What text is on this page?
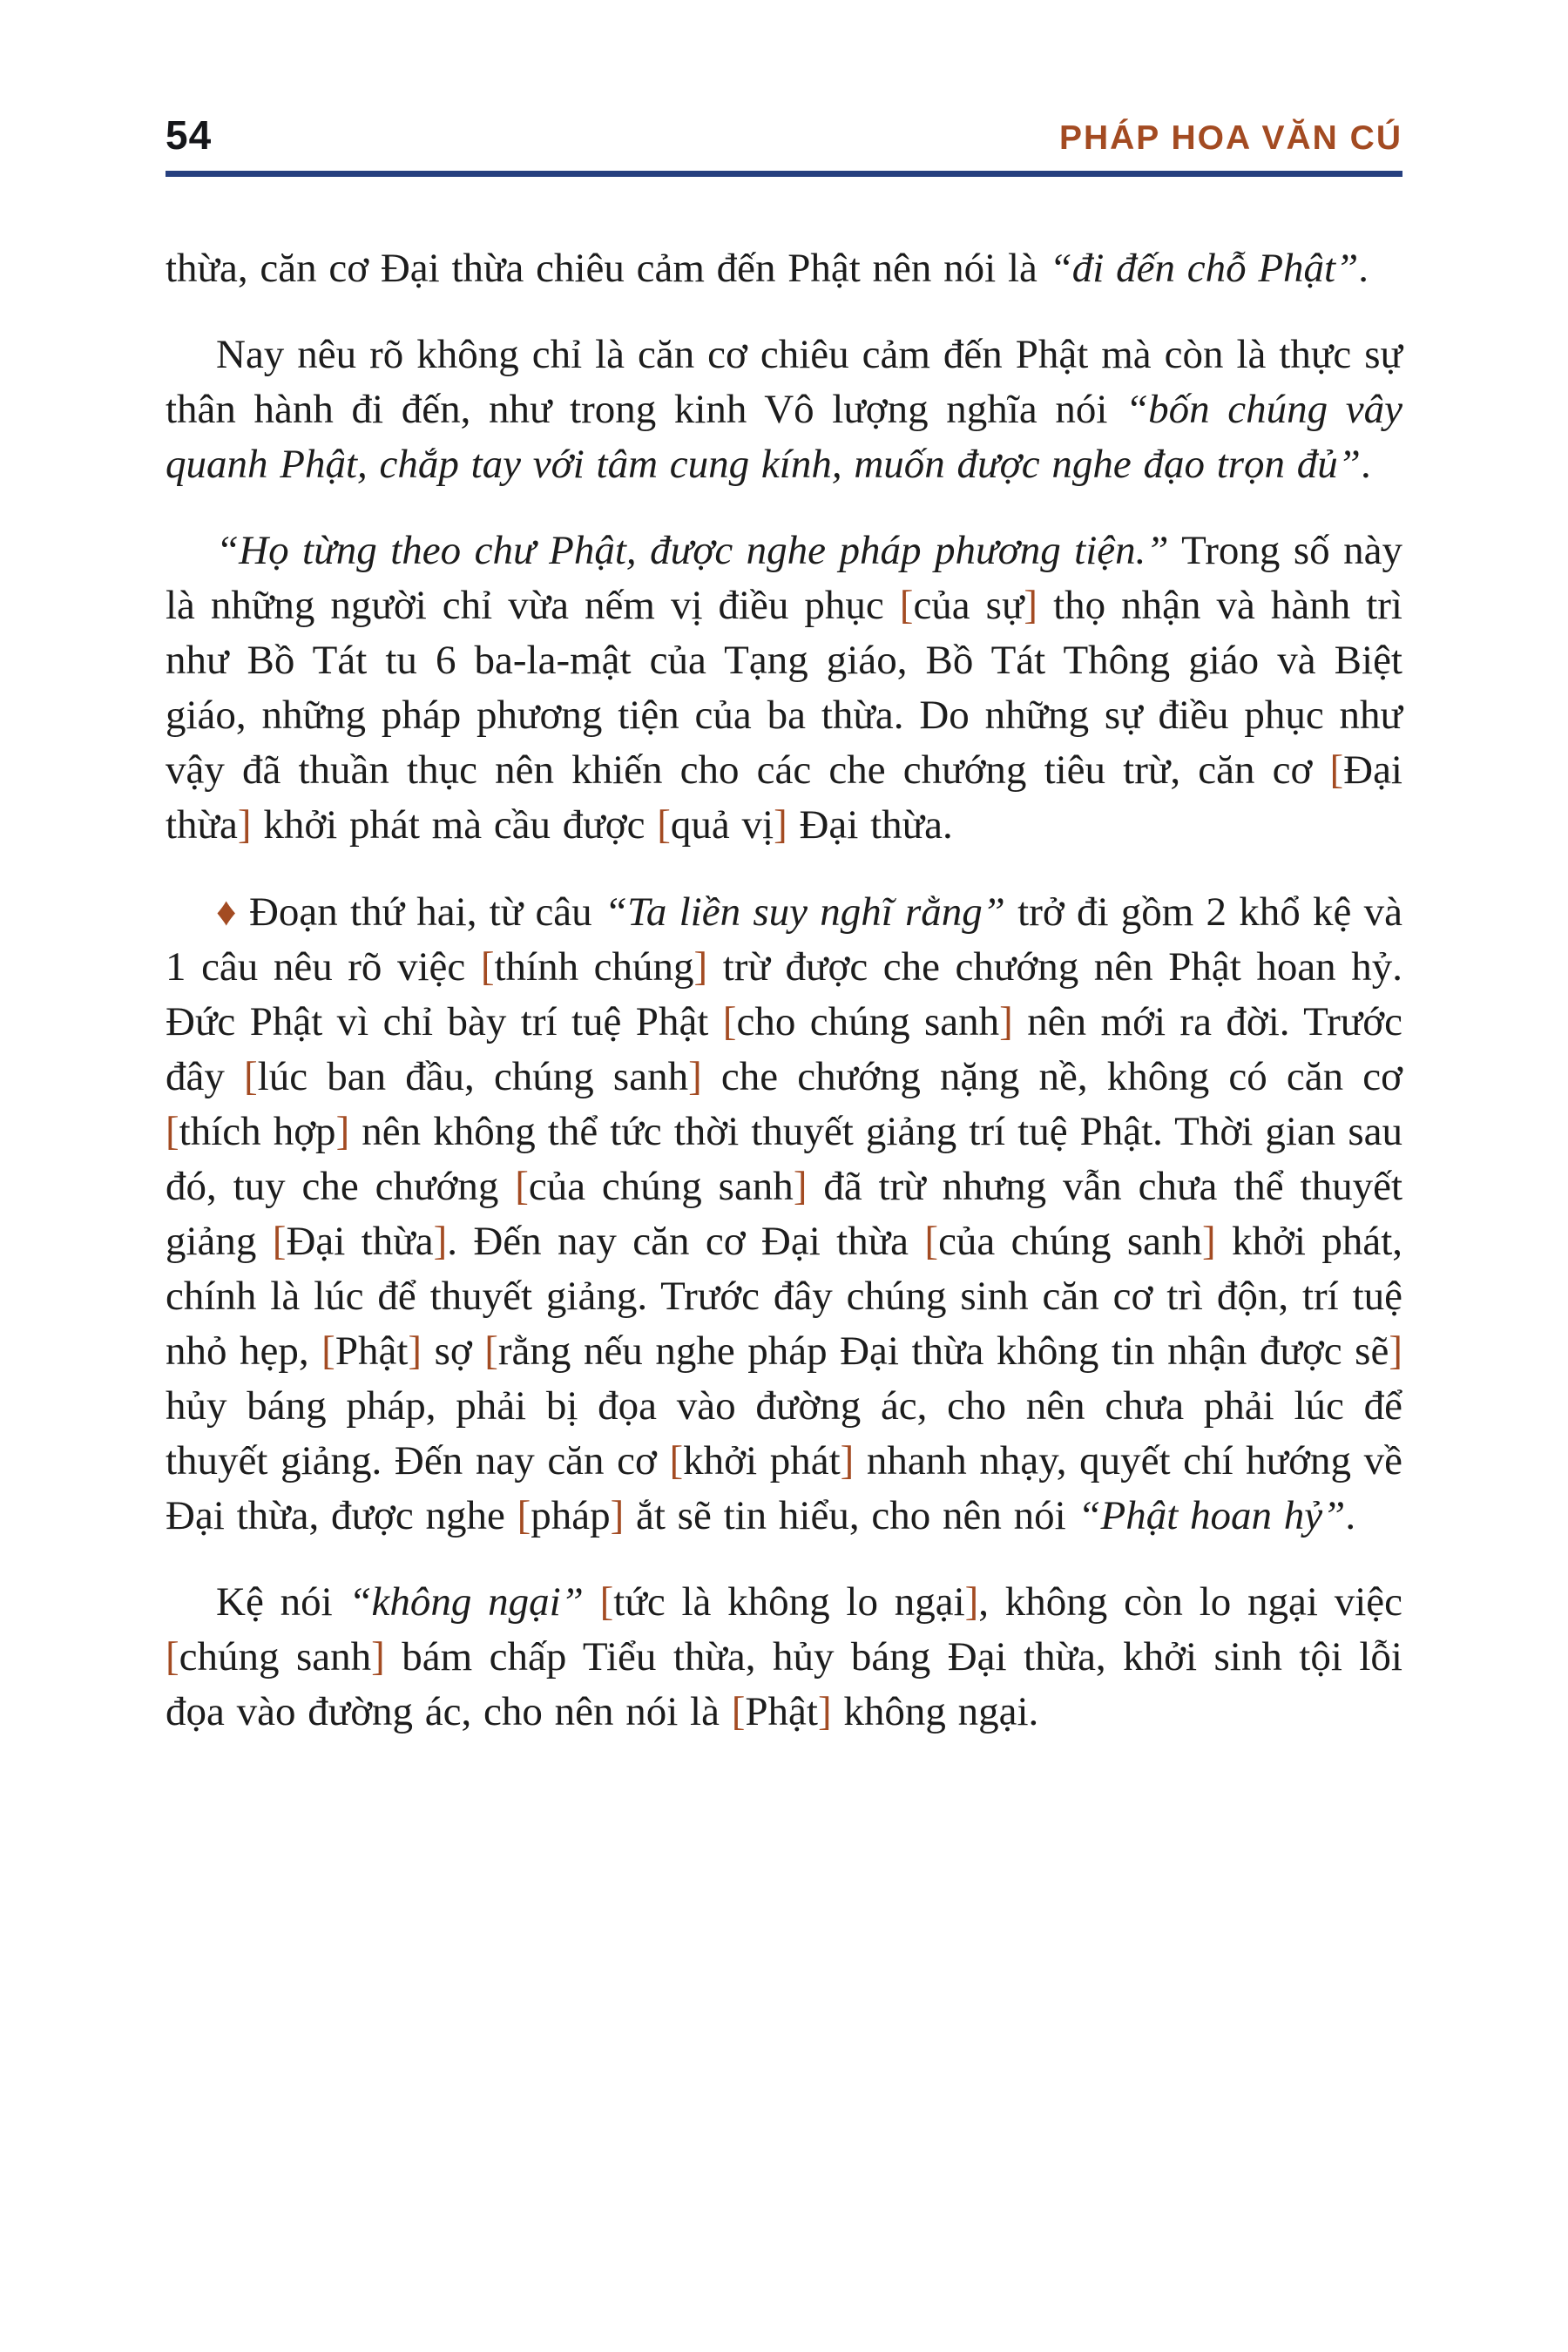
54	PHÁP HOA VĂN CÚ

thừa, căn cơ Đại thừa chiêu cảm đến Phật nên nói là “đi đến chỗ Phật”.

Nay nêu rõ không chỉ là căn cơ chiêu cảm đến Phật mà còn là thực sự thân hành đi đến, như trong kinh Vô lượng nghĩa nói “bốn chúng vây quanh Phật, chắp tay với tâm cung kính, muốn được nghe đạo trọn đủ”.

“Họ từng theo chư Phật, được nghe pháp phương tiện.” Trong số này là những người chỉ vừa nếm vị điều phục [của sự] thọ nhận và hành trì như Bồ Tát tu 6 ba-la-mật của Tạng giáo, Bồ Tát Thông giáo và Biệt giáo, những pháp phương tiện của ba thừa. Do những sự điều phục như vậy đã thuần thục nên khiến cho các che chướng tiêu trừ, căn cơ [Đại thừa] khởi phát mà cầu được [quả vị] Đại thừa.

♦ Đoạn thứ hai, từ câu “Ta liền suy nghĩ rằng” trở đi gồm 2 khổ kệ và 1 câu nêu rõ việc [thính chúng] trừ được che chướng nên Phật hoan hỷ. Đức Phật vì chỉ bày trí tuệ Phật [cho chúng sanh] nên mới ra đời. Trước đây [lúc ban đầu, chúng sanh] che chướng nặng nề, không có căn cơ [thích hợp] nên không thể tức thời thuyết giảng trí tuệ Phật. Thời gian sau đó, tuy che chướng [của chúng sanh] đã trừ nhưng vẫn chưa thể thuyết giảng [Đại thừa]. Đến nay căn cơ Đại thừa [của chúng sanh] khởi phát, chính là lúc để thuyết giảng. Trước đây chúng sinh căn cơ trì độn, trí tuệ nhỏ hẹp, [Phật] sợ [rằng nếu nghe pháp Đại thừa không tin nhận được sẽ] hủy báng pháp, phải bị đọa vào đường ác, cho nên chưa phải lúc để thuyết giảng. Đến nay căn cơ [khởi phát] nhanh nhạy, quyết chí hướng về Đại thừa, được nghe [pháp] ắt sẽ tin hiểu, cho nên nói “Phật hoan hỷ”.

Kệ nói “không ngại” [tức là không lo ngại], không còn lo ngại việc [chúng sanh] bám chấp Tiểu thừa, hủy báng Đại thừa, khởi sinh tội lỗi đọa vào đường ác, cho nên nói là [Phật] không ngại.
